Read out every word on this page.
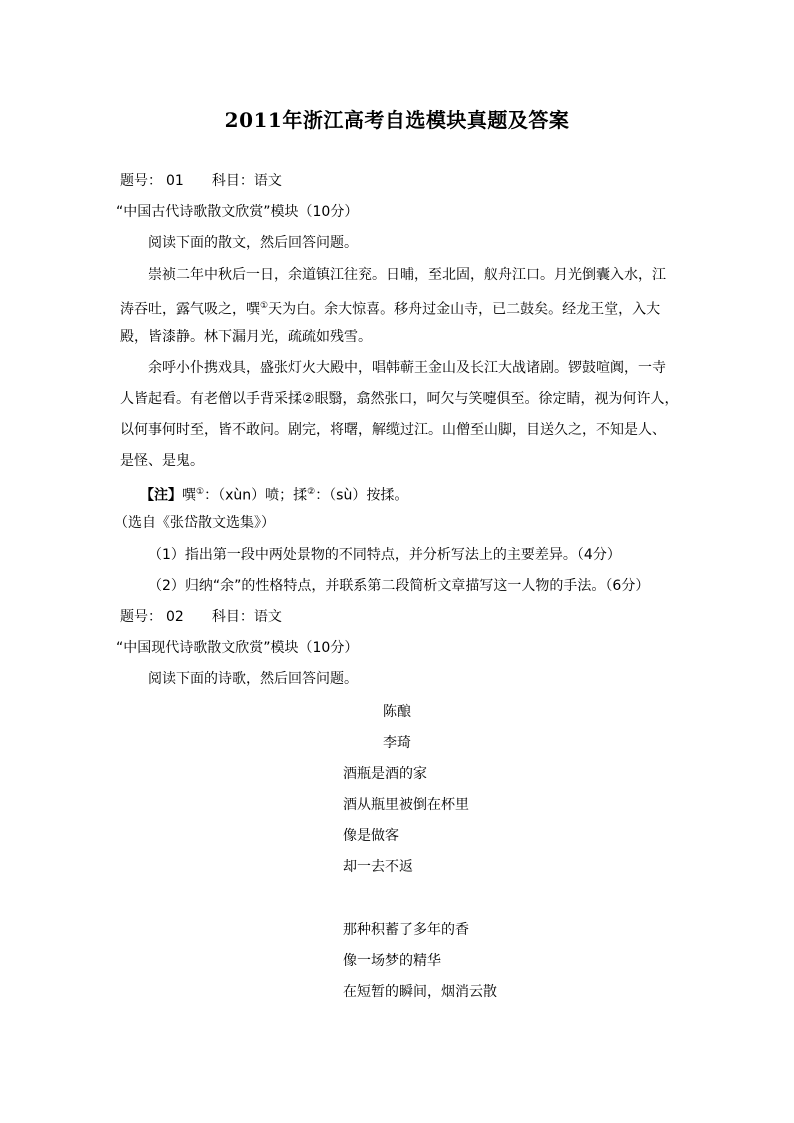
2011年浙江高考自选模块真题及答案
题号： 01 科目：语文
“中国古代诗歌散文欣赏”模块（10分）
阅读下面的散文，然后回答问题。
崇祯二年中秋后一日，余道镇江往兖。日晡，至北固，舣舟江口。月光倒囊入水，江
涛吞吐，露气吸之，噀①天为白。余大惊喜。移舟过金山寺，已二鼓矣。经龙王堂，入大
殿，皆漆静。林下漏月光，疏疏如残雪。
余呼小仆携戏具，盛张灯火大殿中，唱韩蕲王金山及长江大战诸剧。锣鼓喧阗，一寺
人皆起看。有老僧以手背采揉②眼翳，翕然张口，呵欠与笑嚏俱至。徐定睛，视为何许人，
以何事何时至，皆不敢问。剧完，将曙，解缆过江。山僧至山脚，目送久之，不知是人、
是怪、是鬼。
【注】噀①：（xùn）喷；揉②：（sù）按揉。
（选自《张岱散文选集》）
（1）指出第一段中两处景物的不同特点，并分析写法上的主要差异。（4分）
（2）归纳“余”的性格特点，并联系第二段简析文章描写这一人物的手法。（6分）
题号： 02 科目：语文
“中国现代诗歌散文欣赏”模块（10分）
阅读下面的诗歌，然后回答问题。
陈酿
李琦
酒瓶是酒的家
酒从瓶里被倒在杯里
像是做客
却一去不返
那种积蓄了多年的香
像一场梦的精华
在短暂的瞬间，烟消云散
